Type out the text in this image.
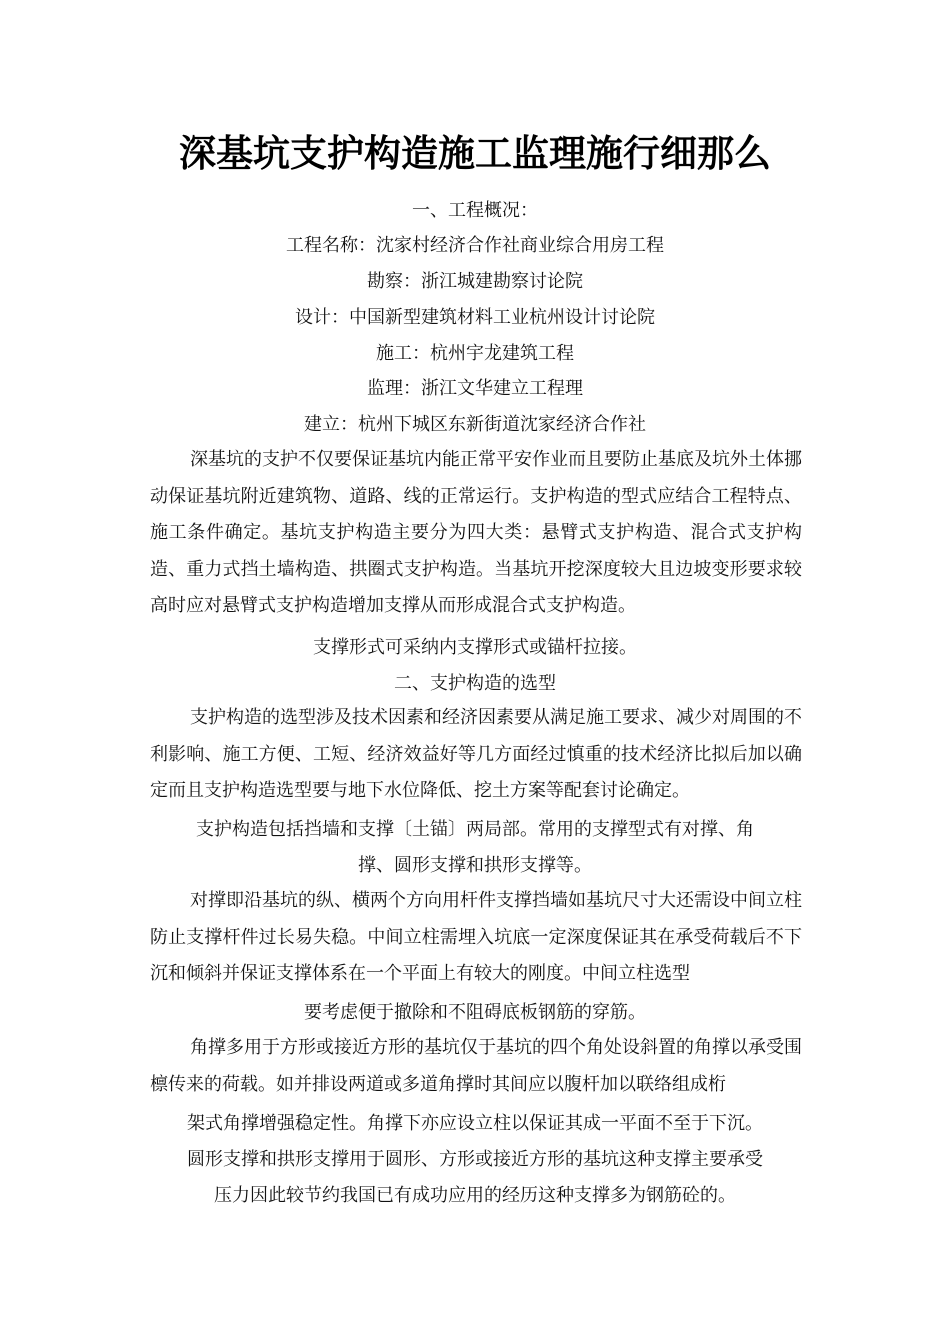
深基坑支护构造施工监理施行细那么
一、工程概况：
工程名称：沈家村经济合作社商业综合用房工程
勘察：浙江城建勘察讨论院
设计：中国新型建筑材料工业杭州设计讨论院
施工：杭州宇龙建筑工程
监理：浙江文华建立工程理
建立：杭州下城区东新街道沈家经济合作社

深基坑的支护不仅要保证基坑内能正常平安作业而且要防止基底及坑外土体挪动保证基坑附近建筑物、道路、线的正常运行。支护构造的型式应结合工程特点、施工条件确定。基坑支护构造主要分为四大类：悬臂式支护构造、混合式支护构造、重力式挡土墙构造、拱圈式支护构造。当基坑开挖深度较大且边坡变形要求较高时应对悬臂式支护构造增加支撑从而形成混合式支护构造。

支撑形式可采纳内支撑形式或锚杆拉接。
二、支护构造的选型

支护构造的选型涉及技术因素和经济因素要从满足施工要求、减少对周围的不利影响、施工方便、工短、经济效益好等几方面经过慎重的技术经济比拟后加以确定而且支护构造选型要与地下水位降低、挖土方案等配套讨论确定。

支护构造包括挡墙和支撑〔土锚〕两局部。常用的支撑型式有对撑、角
撑、圆形支撑和拱形支撑等。

对撑即沿基坑的纵、横两个方向用杆件支撑挡墙如基坑尺寸大还需设中间立柱防止支撑杆件过长易失稳。中间立柱需埋入坑底一定深度保证其在承受荷载后不下沉和倾斜并保证支撑体系在一个平面上有较大的刚度。中间立柱选型

要考虑便于撤除和不阻碍底板钢筋的穿筋。

角撑多用于方形或接近方形的基坑仅于基坑的四个角处设斜置的角撑以承受围檩传来的荷载。如并排设两道或多道角撑时其间应以腹杆加以联络组成桁

架式角撑增强稳定性。角撑下亦应设立柱以保证其成一平面不至于下沉。
圆形支撑和拱形支撑用于圆形、方形或接近方形的基坑这种支撑主要承受
压力因此较节约我国已有成功应用的经历这种支撑多为钢筋砼的。
